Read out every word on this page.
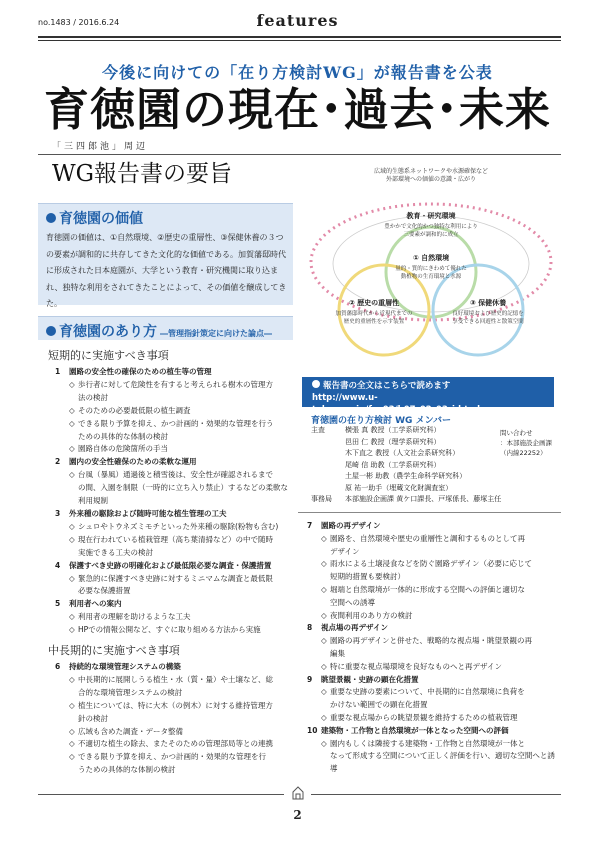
no.1483 / 2016.6.24	features
今後に向けての「在り方検討WG」が報告書を公表
育徳園の現在･過去･未来
「三四郎池」周辺
WG報告書の要旨
育徳園の価値
育徳園の価値は、①自然環境、②歴史の重層性、③保健休養の３つの要素が調和的に共存してきた文化的な価値である。加賀藩邸時代に形成された日本庭園が、大学という教育・研究機関に取り込まれ、独特な利用をされてきたことによって、その価値を醸成してきた。
育徳園のあり方 ―管理指針策定に向けた論点―
短期的に実施すべき事項
1 園路の安全性の確保のための植生等の管理
◇ 歩行者に対して危険性を有すると考えられる樹木の管理方
法の検討
◇ そのための必要最低限の植生調査
◇ できる限り予算を抑え、かつ計画的・効果的な管理を行う
ための具体的な体制の検討
◇ 園路自体の危険箇所の手当
2 園内の安全性確保のための柔軟な運用
◇ 台風（暴風）通過後と積雪後は、安全性が確認されるまで
の間、入園を制限（一時的に立ち入り禁止）するなどの柔軟な利用規制
3 外来種の駆除および随時可能な植生管理の工夫
◇ シュロやトウネズミモチといった外来種の駆除(粉物も含む)
◇ 現在行われている植栽管理（高ち葉清掃など）の中で随時
実施できる工夫の検討
4 保護すべき史跡の明確化および最低限必要な調査・保護措置
◇ 緊急的に保護すべき史跡に対するミニマムな調査と最低限
必要な保護措置
5 利用者への案内
◇ 利用者の理解を助けるような工夫
◇ HPでの情報公開など、すぐに取り組める方法から実施
中長期的に実施すべき事項
6 持続的な環境管理システムの構築
◇ 中長期的に展開しうる植生・水（質・量）や土壌など、総
合的な環境管理システムの検討
◇ 植生については、特に大木（の例木）に対する維持管理方
針の検討
◇ 広域も含めた調査・データ整備
◇ 不適切な植生の除去、またそのための管理部局等との連携
◇ できる限り予算を抑え、かつ計画的・効果的な管理を行
うための具体的な体制の検討
広域的生態系ネットワークや水源確保など
外部環境への価値の意識・広がり
教育・研究環境
豊かかで文化的かつ独特な利用により
三要素が調和的に成立
① 自然環境
量的・質的にきわめて優れた
動植物の生育環境と水源
② 歴史の重層性
加賀藩邸時代から近現代までの
歴史的重層性を示す装置
③ 保健休養
良好環境および歴史的記憶を
享受できる回遊性と散策空間
報告書の全文はこちらで読めます
http://www.u-tokyo.ac.jp/fac03/b07_02_03_j.html
育徳園の在り方検討 WG メンバー
主査	横張 真 教授（工学系研究科）
邑田 仁 教授（理学系研究科）
木下直之 教授（人文社会系研究科）
尾崎 信 助教（工学系研究科）
土屋一彬 助教（農学生命科学研究科）
原 祐一助手（埋蔵文化財調査室）
事務局 本部施設企画課 黄ケ口課長、戸塚係長、藤塚主任
問い合わせ
：本部施設企画課
（内線22252）
7 園路の再デザイン
◇ 園路を、自然環境や歴史の重層性と調和するものとして再
デザイン
◇ 雨水による土壌浸食などを防ぐ園路デザイン（必要に応じて
短期的措置も要検討）
◇ 堀端と自然環境が一体的に形成する空間への評価と適切な
空間への誘導
◇ 夜間利用のあり方の検討
8 視点場の再デザイン
◇ 園路の再デザインと併せた、戦略的な視点場・眺望景観の再
編集
◇ 特に重要な視点場環境を良好なものへと再デザイン
9 眺望景観・史跡の顕在化措置
◇ 重要な史跡の要素について、中長期的に自然環境に負荷を
かけない範囲での顕在化措置
◇ 重要な視点場からの眺望景観を維持するための植栽管理
10 建築物・工作物と自然環境が一体となった空間への評価
◇ 園内もしくは隣接する建築物・工作物と自然環境が一体と
なって形成する空間について正しく評価を行い、適切な空間へと誘導
2
